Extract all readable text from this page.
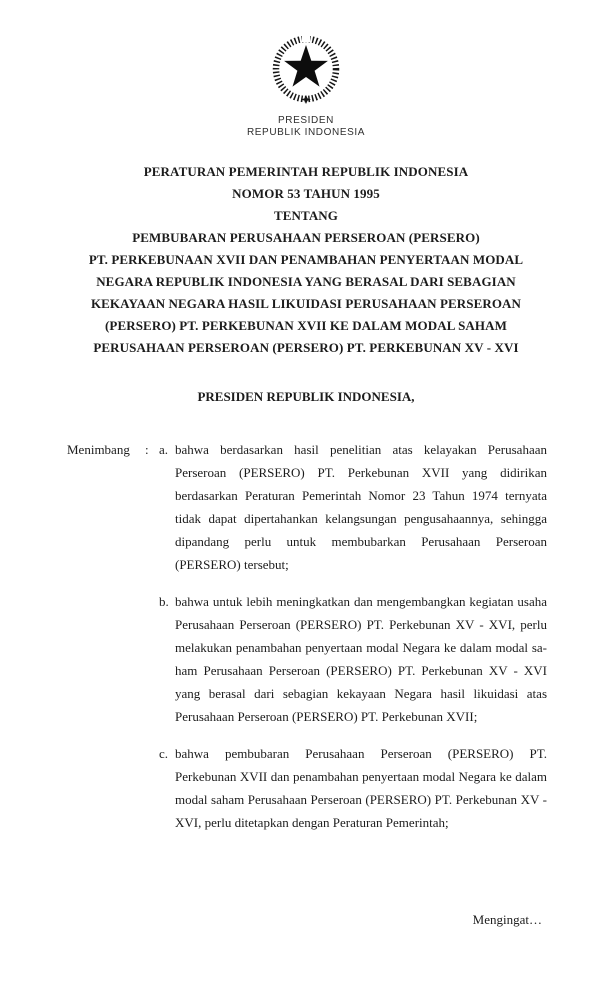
PRESIDEN
REPUBLIK INDONESIA
PERATURAN PEMERINTAH REPUBLIK INDONESIA
NOMOR 53 TAHUN 1995
TENTANG
PEMBUBARAN PERUSAHAAN PERSEROAN (PERSERO)
PT. PERKEBUNAAN XVII DAN PENAMBAHAN PENYERTAAN MODAL
NEGARA REPUBLIK INDONESIA YANG BERASAL DARI SEBAGIAN
KEKAYAAN NEGARA HASIL LIKUIDASI PERUSAHAAN PERSEROAN
(PERSERO) PT. PERKEBUNAN XVII KE DALAM MODAL SAHAM
PERUSAHAAN PERSEROAN (PERSERO) PT. PERKEBUNAN XV - XVI
PRESIDEN REPUBLIK INDONESIA,
Menimbang : a. bahwa berdasarkan hasil penelitian atas kelayakan Perusahaan Perseroan (PERSERO) PT. Perkebunan XVII yang didirikan berdasarkan Peraturan Pemerintah Nomor 23 Tahun 1974 ternyata tidak dapat dipertahankan kelangsungan pengusahaannya, sehingga dipandang perlu untuk membubarkan Perusahaan Perseroan (PERSERO) tersebut;
b. bahwa untuk lebih meningkatkan dan mengembangkan kegiatan usaha Perusahaan Perseroan (PERSERO) PT. Perkebunan XV - XVI, perlu melakukan penambahan penyertaan modal Negara ke dalam modal saham Perusahaan Perseroan (PERSERO) PT. Perkebunan XV - XVI yang berasal dari sebagian kekayaan Negara hasil likuidasi atas Perusahaan Perseroan (PERSERO) PT. Perkebunan XVII;
c. bahwa pembubaran Perusahaan Perseroan (PERSERO) PT. Perkebunan XVII dan penambahan penyertaan modal Negara ke dalam modal saham Perusahaan Perseroan (PERSERO) PT. Perkebunan XV - XVI, perlu ditetapkan dengan Peraturan Pemerintah;
Mengingat…
